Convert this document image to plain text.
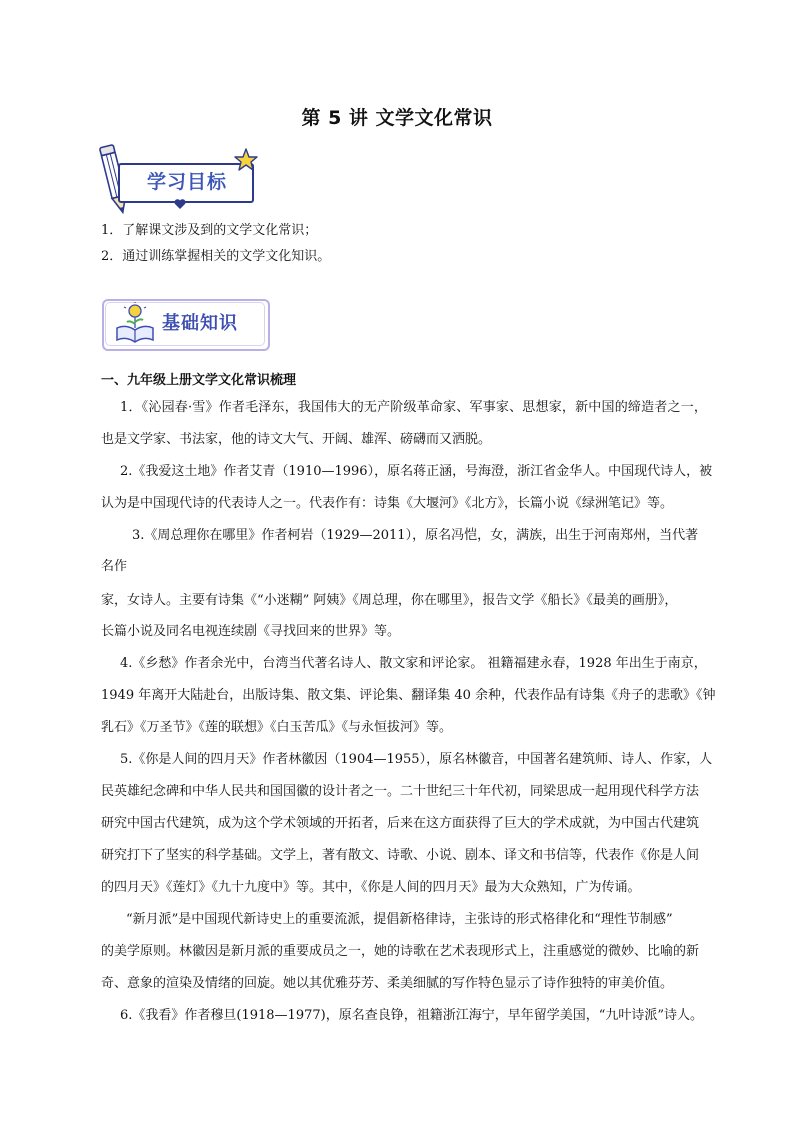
第 5 讲 文学文化常识
学习目标
1．了解课文涉及到的文学文化常识；
2．通过训练掌握相关的文学文化知识。
基础知识
一、九年级上册文学文化常识梳理
1．《沁园春·雪》作者毛泽东，我国伟大的无产阶级革命家、军事家、思想家，新中国的缔造者之一，
也是文学家、书法家，他的诗文大气、开阔、雄浑、磅礴而又洒脱。
2.《我爱这土地》作者艾青（1910—1996），原名蒋正涵，号海澄，浙江省金华人。中国现代诗人，被
认为是中国现代诗的代表诗人之一。代表作有：诗集《大堰河》《北方》，长篇小说《绿洲笔记》等。
3.《周总理你在哪里》作者柯岩（1929—2011），原名冯恺，女，满族，出生于河南郑州，当代著
名作
家，女诗人。主要有诗集《“小迷糊” 阿姨》《周总理，你在哪里》，报告文学《船长》《最美的画册》，
长篇小说及同名电视连续剧《寻找回来的世界》等。
4.《乡愁》作者余光中，台湾当代著名诗人、散文家和评论家。 祖籍福建永春，1928 年出生于南京，
1949 年离开大陆赴台，出版诗集、散文集、评论集、翻译集 40 余种，代表作品有诗集《舟子的悲歌》《钟
乳石》《万圣节》《莲的联想》《白玉苦瓜》《与永恒拔河》等。
5.《你是人间的四月天》作者林徽因（1904—1955），原名林徽音，中国著名建筑师、诗人、作家，人
民英雄纪念碑和中华人民共和国国徽的设计者之一。二十世纪三十年代初，同梁思成一起用现代科学方法
研究中国古代建筑，成为这个学术领域的开拓者，后来在这方面获得了巨大的学术成就，为中国古代建筑
研究打下了坚实的科学基础。文学上，著有散文、诗歌、小说、剧本、译文和书信等，代表作《你是人间
的四月天》《莲灯》《九十九度中》等。其中，《你是人间的四月天》最为大众熟知，广为传诵。
“新月派”是中国现代新诗史上的重要流派，提倡新格律诗，主张诗的形式格律化和“理性节制感”
的美学原则。林徽因是新月派的重要成员之一，她的诗歌在艺术表现形式上，注重感觉的微妙、比喻的新
奇、意象的渲染及情绪的回旋。她以其优雅芬芳、柔美细腻的写作特色显示了诗作独特的审美价值。
6.《我看》作者穆旦(1918—1977)，原名查良铮，祖籍浙江海宁，早年留学美国，“九叶诗派”诗人。
